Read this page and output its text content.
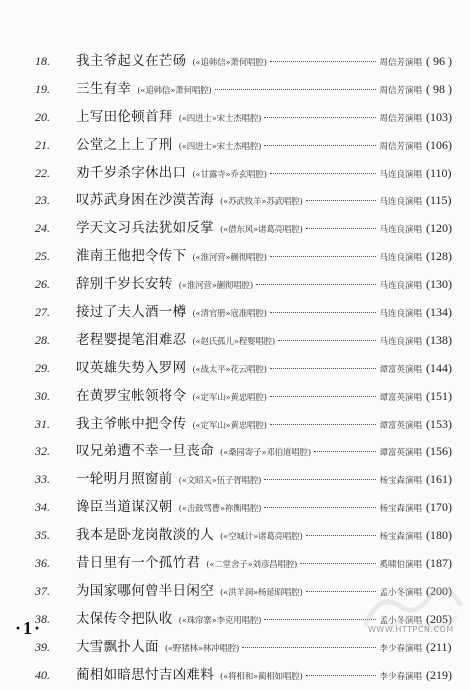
18. 我主爷起义在芒砀 («追韩信»萧何唱腔)	周信芳演唱 ( 96 )
19. 三生有幸 («追韩信»萧何唱腔)	周信芳演唱 ( 98 )
20. 上写田伦顿首拜 («四进士»宋士杰唱腔)	周信芳演唱 (103)
21. 公堂之上上了刑 («四进士»宋士杰唱腔)	周信芳演唱 (106)
22. 劝千岁杀字休出口 («甘露寺»乔玄唱腔)	马连良演唱 (110)
23. 叹苏武身困在沙漠苦海 («苏武牧羊»苏武唱腔)	马连良演唱 (115)
24. 学天文习兵法犹如反掌 («借东风»诸葛亮唱腔)	马连良演唱 (120)
25. 淮南王他把令传下 («淮河营»蒯彻唱腔)	马连良演唱 (128)
26. 辞别千岁长安转 («淮河营»蒯彻唱腔)	马连良演唱 (130)
27. 接过了夫人酒一樽 («清官册»寇准唱腔)	马连良演唱 (134)
28. 老程婴提笔泪难忍 («赵氏孤儿»程婴唱腔)	马连良演唱 (138)
29. 叹英雄失势入罗网 («战太平»花云唱腔)	谭富英演唱 (144)
30. 在黄罗宝帐领将令 («定军山»黄忠唱腔)	谭富英演唱 (151)
31. 我主爷帐中把令传 («定军山»黄忠唱腔)	谭富英演唱 (153)
32. 叹兄弟遭不幸一旦丧命 («桑园寄子»邓伯道唱腔)	谭富英演唱 (156)
33. 一轮明月照窗前 («文昭关»伍子胥唱腔)	杨宝森演唱 (161)
34. 谗臣当道谋汉朝 («击鼓骂曹»祢衡唱腔)	杨宝森演唱 (170)
35. 我本是卧龙岗散淡的人 («空城计»诸葛亮唱腔)	杨宝森演唱 (180)
36. 昔日里有一个孤竹君 («二堂舍子»刘彦昌唱腔)	奚啸伯演唱 (187)
37. 为国家哪何曾半日闲空 («洪羊洞»杨延昭唱腔)	孟小冬演唱 (200)
38. 太保传令把队收 («珠帘寨»李克用唱腔)	孟小冬演唱 (205)
39. 大雪飘扑人面 («野猪林»林冲唱腔)	李少春演唱 (211)
40. 蔺相如暗思忖吉凶难料 («将相和»蔺相如唱腔)	李少春演唱 (219)
·1·	WWW.HTTPCN.COM
